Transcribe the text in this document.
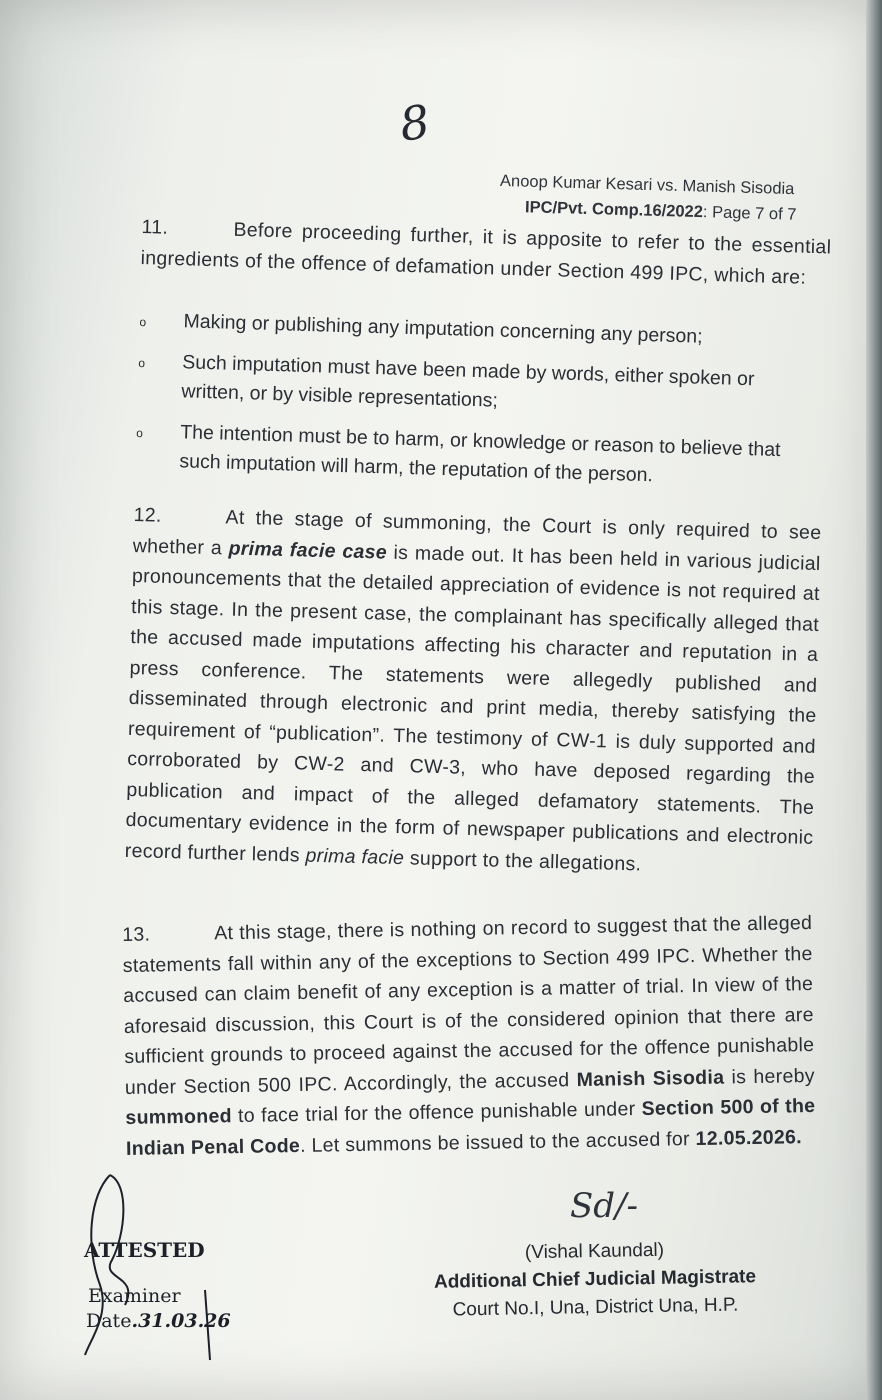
8
Anoop Kumar Kesari vs. Manish Sisodia
IPC/Pvt. Comp.16/2022: Page 7 of 7
11.	Before proceeding further, it is apposite to refer to the essential ingredients of the offence of defamation under Section 499 IPC, which are:
o Making or publishing any imputation concerning any person;
o Such imputation must have been made by words, either spoken or written, or by visible representations;
o The intention must be to harm, or knowledge or reason to believe that such imputation will harm, the reputation of the person.
12.	At the stage of summoning, the Court is only required to see whether a prima facie case is made out. It has been held in various judicial pronouncements that the detailed appreciation of evidence is not required at this stage. In the present case, the complainant has specifically alleged that the accused made imputations affecting his character and reputation in a press conference. The statements were allegedly published and disseminated through electronic and print media, thereby satisfying the requirement of “publication”. The testimony of CW-1 is duly supported and corroborated by CW-2 and CW-3, who have deposed regarding the publication and impact of the alleged defamatory statements. The documentary evidence in the form of newspaper publications and electronic record further lends prima facie support to the allegations.
13.	At this stage, there is nothing on record to suggest that the alleged statements fall within any of the exceptions to Section 499 IPC. Whether the accused can claim benefit of any exception is a matter of trial. In view of the aforesaid discussion, this Court is of the considered opinion that there are sufficient grounds to proceed against the accused for the offence punishable under Section 500 IPC. Accordingly, the accused Manish Sisodia is hereby summoned to face trial for the offence punishable under Section 500 of the Indian Penal Code. Let summons be issued to the accused for 12.05.2026.
Sd/-
(Vishal Kaundal)
Additional Chief Judicial Magistrate
Court No.I, Una, District Una, H.P.
ATTESTED
Examiner
Date.31.03.26
